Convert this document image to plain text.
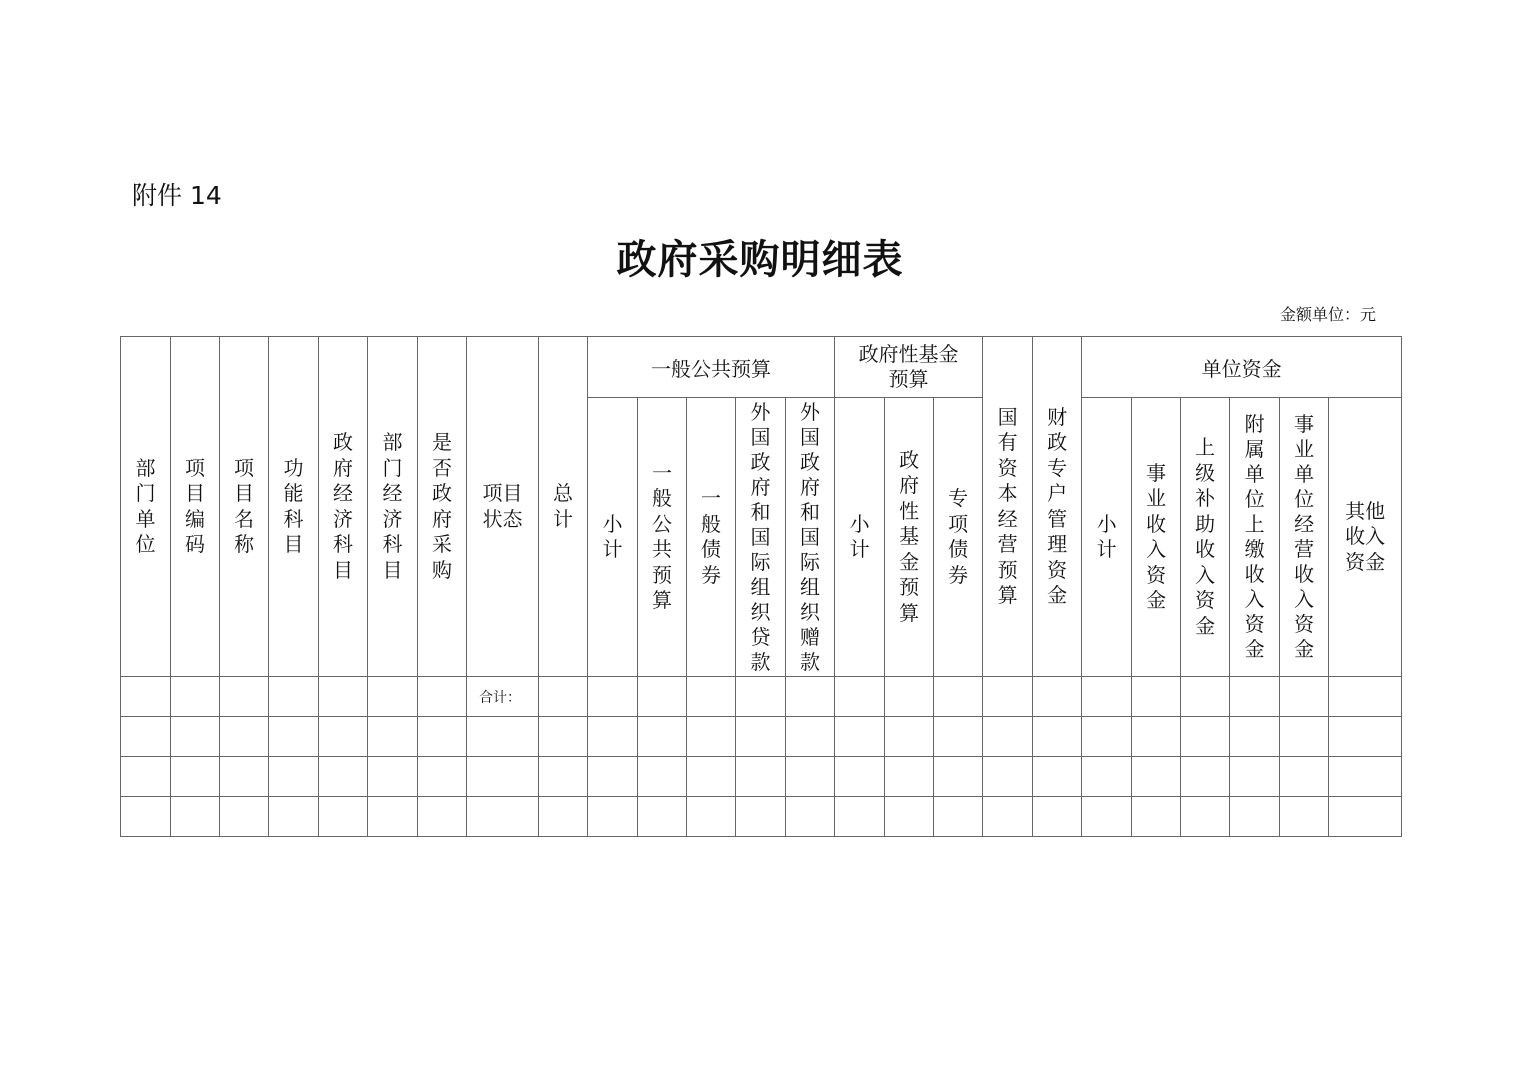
附件 14
政府采购明细表
金额单位：元
部门单位	项目编码	项目名称	功能科目	政府经济科目	部门经济科目	是否政府采购	项目状态	总计	一般公共预算					政府性基金预算			国有资本经营预算	财政专户管理资金	单位资金					

									小计	一般公共预算	一般债券	外国政府和国际组织贷款	外国政府和国际组织赠款	小计	政府性基金预算	专项债券			小计	事业收入资金	上级补助收入资金	附属单位上缴收入资金	事业单位经营收入资金	其他收入资金

							合计：																	
